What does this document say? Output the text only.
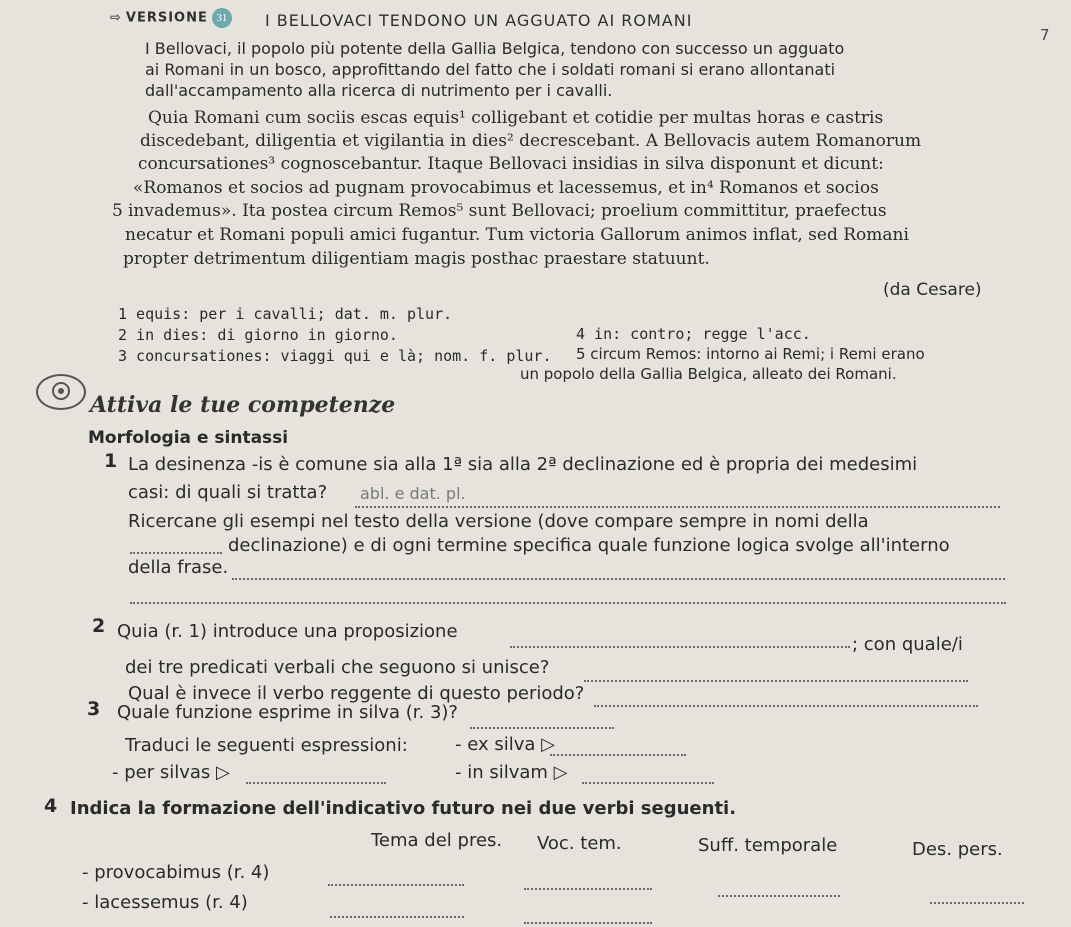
⇨ VERSIONE 31 I BELLOVACI TENDONO UN AGGUATO AI ROMANI
7
I Bellovaci, il popolo più potente della Gallia Belgica, tendono con successo un agguato
ai Romani in un bosco, approfittando del fatto che i soldati romani si erano allontanati
dall'accampamento alla ricerca di nutrimento per i cavalli.
Quia Romani cum sociis escas equis¹ colligebant et cotidie per multas horas e castris
discedebant, diligentia et vigilantia in dies² decrescebant. A Bellovacis autem Romanorum
concursationes³ cognoscebantur. Itaque Bellovaci insidias in silva disponunt et dicunt:
«Romanos et socios ad pugnam provocabimus et lacessemus, et in⁴ Romanos et socios
5 invademus». Ita postea circum Remos⁵ sunt Bellovaci; proelium committitur, praefectus
necatur et Romani populi amici fugantur. Tum victoria Gallorum animos inflat, sed Romani
propter detrimentum diligentiam magis posthac praestare statuunt.
(da Cesare)
1 equis: per i cavalli; dat. m. plur.
2 in dies: di giorno in giorno.
3 concursationes: viaggi qui e là; nom. f. plur.
4 in: contro; regge l'acc.
5 circum Remos: intorno ai Remi; i Remi erano
un popolo della Gallia Belgica, alleato dei Romani.
Attiva le tue competenze
Morfologia e sintassi
1 La desinenza -is è comune sia alla 1ª sia alla 2ª declinazione ed è propria dei medesimi
casi: di quali si tratta? abl. e dat. pl.
Ricercane gli esempi nel testo della versione (dove compare sempre in nomi della
declinazione) e di ogni termine specifica quale funzione logica svolge all'interno
della frase.
2 Quia (r. 1) introduce una proposizione
; con quale/i
dei tre predicati verbali che seguono si unisce?
Qual è invece il verbo reggente di questo periodo?
3 Quale funzione esprime in silva (r. 3)?
Traduci le seguenti espressioni:	- ex silva ▷
- per silvas ▷	- in silvam ▷
4 Indica la formazione dell'indicativo futuro nei due verbi seguenti.
Tema del pres. Voc. tem.	Suff. temporale	Des. pers.
- provocabimus (r. 4)
- lacessemus (r. 4)
